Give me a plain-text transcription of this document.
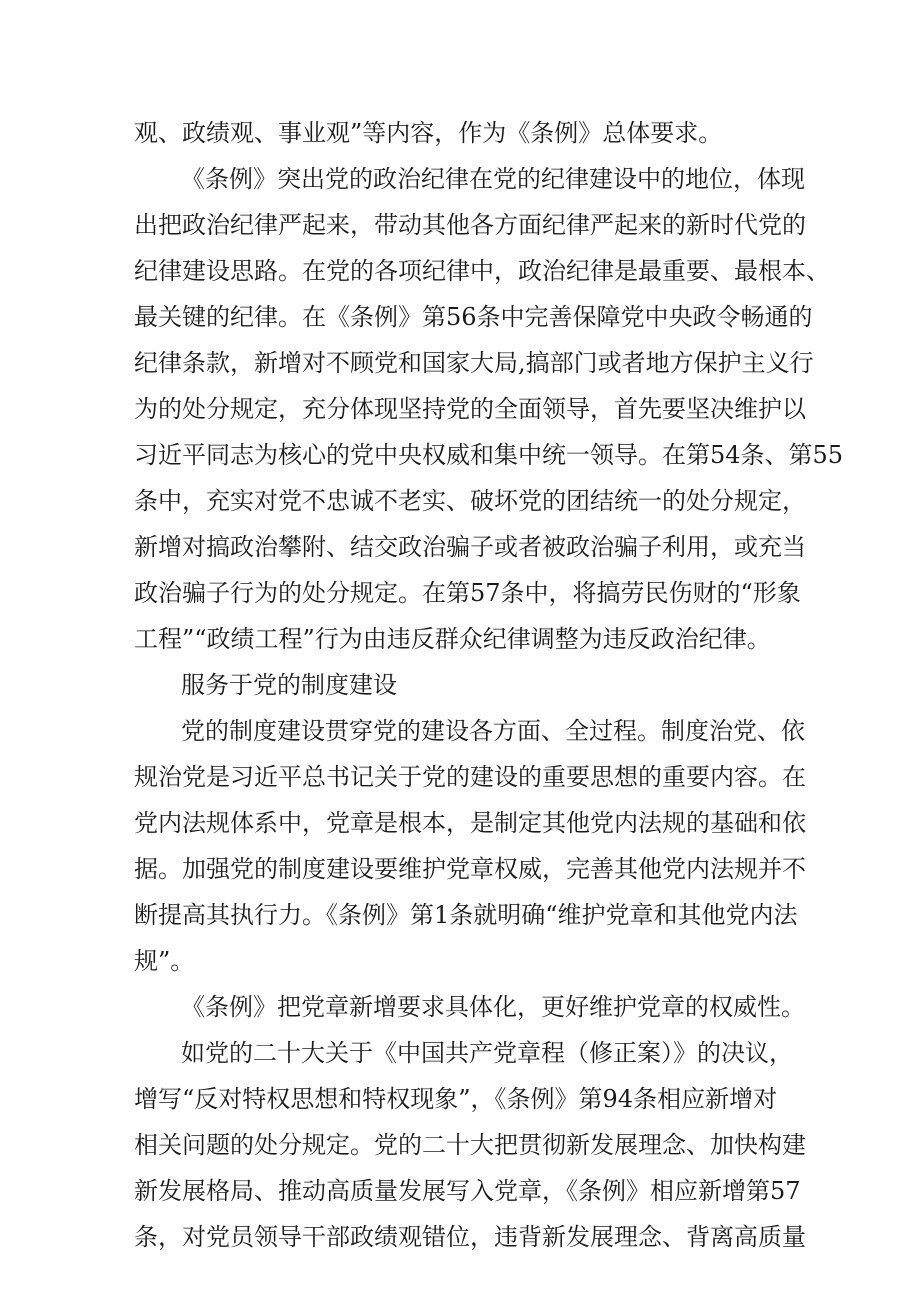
观、政绩观、事业观”等内容，作为《条例》总体要求。
《条例》突出党的政治纪律在党的纪律建设中的地位，体现
出把政治纪律严起来，带动其他各方面纪律严起来的新时代党的
纪律建设思路。在党的各项纪律中，政治纪律是最重要、最根本、
最关键的纪律。在《条例》第56条中完善保障党中央政令畅通的
纪律条款，新增对不顾党和国家大局,搞部门或者地方保护主义行
为的处分规定，充分体现坚持党的全面领导，首先要坚决维护以
习近平同志为核心的党中央权威和集中统一领导。在第54条、第55
条中，充实对党不忠诚不老实、破坏党的团结统一的处分规定，
新增对搞政治攀附、结交政治骗子或者被政治骗子利用，或充当
政治骗子行为的处分规定。在第57条中，将搞劳民伤财的“形象
工程”“政绩工程”行为由违反群众纪律调整为违反政治纪律。
服务于党的制度建设
党的制度建设贯穿党的建设各方面、全过程。制度治党、依
规治党是习近平总书记关于党的建设的重要思想的重要内容。在
党内法规体系中，党章是根本，是制定其他党内法规的基础和依
据。加强党的制度建设要维护党章权威，完善其他党内法规并不
断提高其执行力。《条例》第1条就明确“维护党章和其他党内法
规”。
《条例》把党章新增要求具体化，更好维护党章的权威性。
如党的二十大关于《中国共产党章程（修正案）》的决议，
增写“反对特权思想和特权现象”，《条例》第94条相应新增对
相关问题的处分规定。党的二十大把贯彻新发展理念、加快构建
新发展格局、推动高质量发展写入党章，《条例》相应新增第57
条，对党员领导干部政绩观错位，违背新发展理念、背离高质量
